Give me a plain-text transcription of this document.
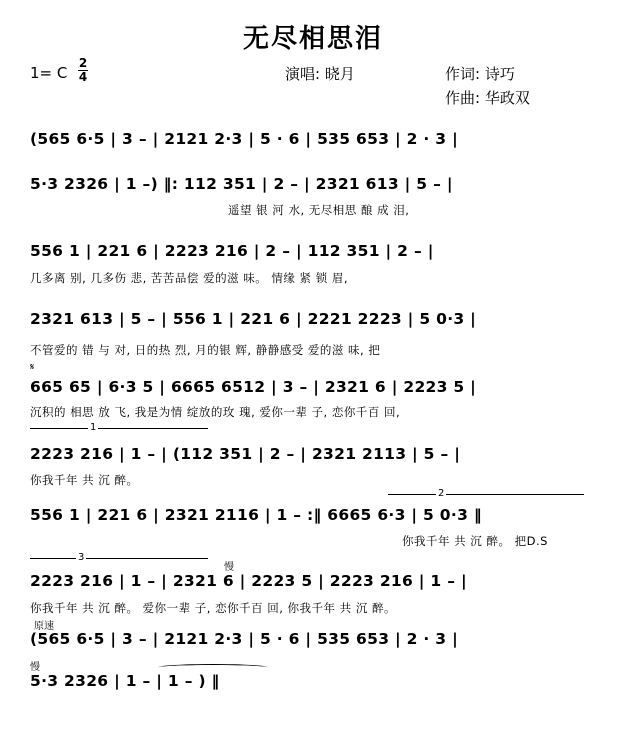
无尽相思泪
1= C
2
4	演唱: 晓月	作词: 诗巧
作曲: 华政双
(565 6·5 | 3 – | 2121 2·3 | 5 · 6 | 535 653 | 2 · 3 |
5·3 2326 | 1 –) ‖: 112 351 | 2 – | 2321 613 | 5 – |
遥望 银 河 水, 无尽相思 酿 成 泪,
556 1 | 221 6 | 2223 216 | 2 – | 112 351 | 2 – |
几多离 别, 几多伤 悲, 苦苦品偿 爱的滋 味。 情缘 紧 锁 眉,
2321 613 | 5 – | 556 1 | 221 6 | 2221 2223 | 5 0·3 |
不管爱的 错 与 对, 日的热 烈, 月的银 辉, 静静感受 爱的滋 味, 把
𝄋
665 65 | 6·3 5 | 6665 6512 | 3 – | 2321 6 | 2223 5 |
沉积的 相思 放 飞, 我是为情 绽放的玫 瑰, 爱你一辈 子, 恋你千百 回,
1
2223 216 | 1 – | (112 351 | 2 – | 2321 2113 | 5 – |
你我千年 共 沉 醉。
2
556 1 | 221 6 | 2321 2116 | 1 – :‖ 6665 6·3 | 5 0·3 ‖
你我千年 共 沉 醉。 把D.S
3
慢
2223 216 | 1 – | 2321 6 | 2223 5 | 2223 216 | 1 – |
你我千年 共 沉 醉。 爱你一辈 子, 恋你千百 回, 你我千年 共 沉 醉。
原速
(565 6·5 | 3 – | 2121 2·3 | 5 · 6 | 535 653 | 2 · 3 |
慢
5·3 2326 | 1 – | 1 – ) ‖
